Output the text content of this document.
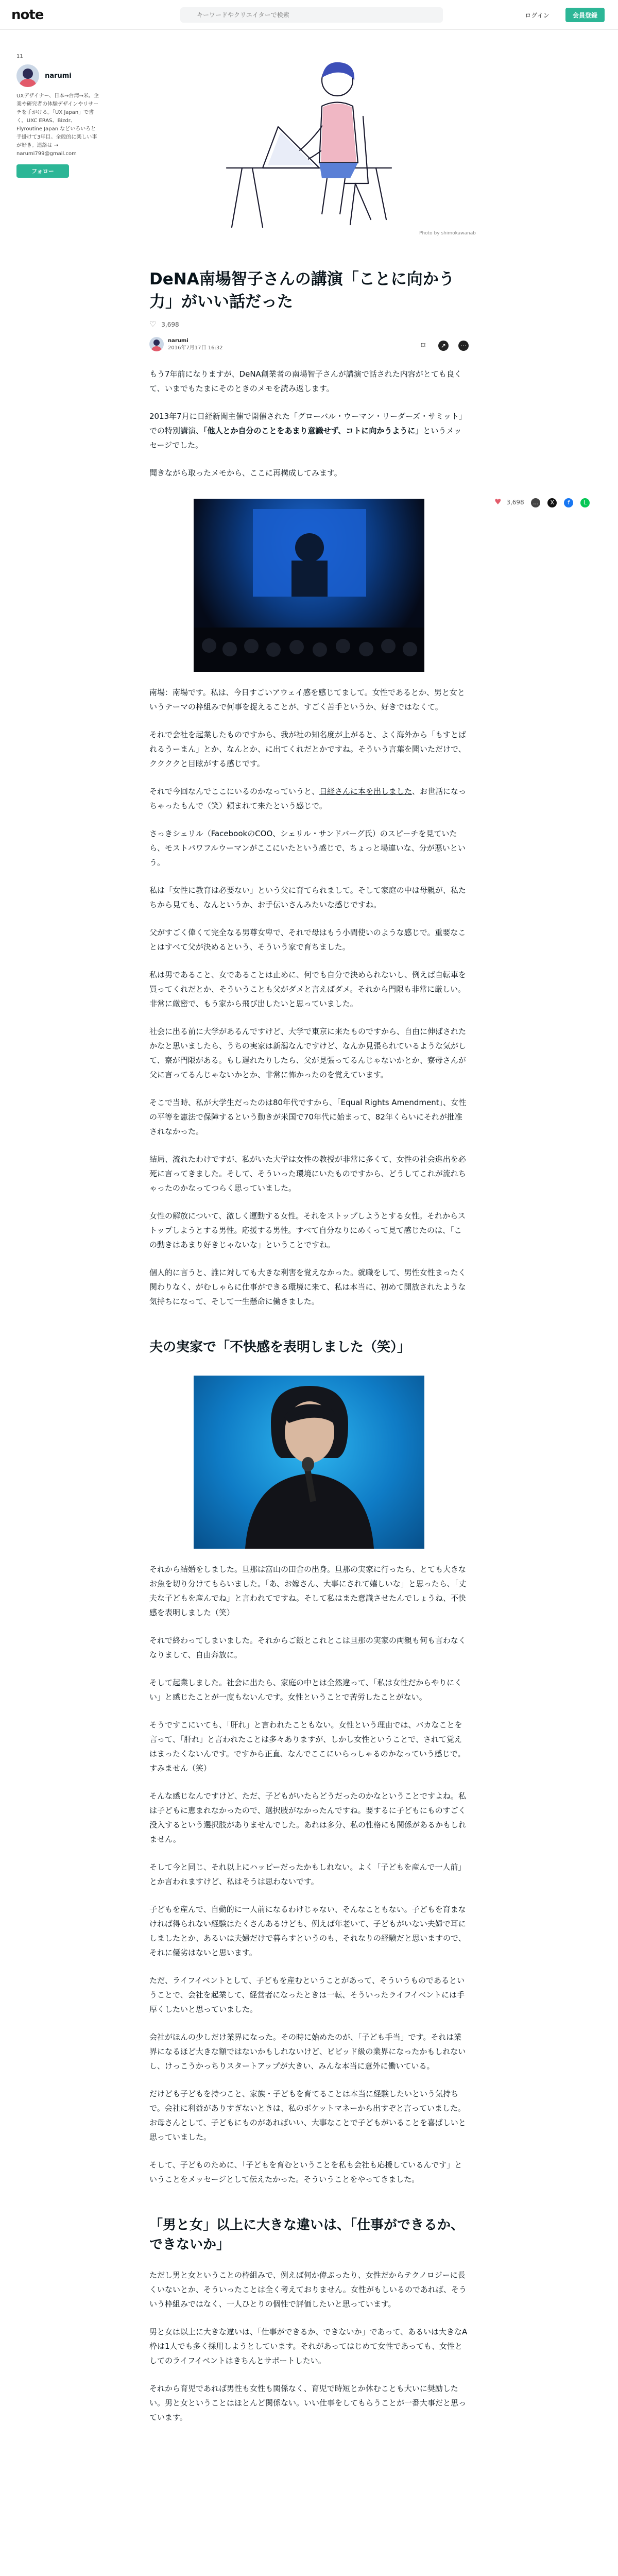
note
キーワードやクリエイターで検索	ログイン	会員登録
11
narumi
UXデザイナー、日本→台湾→米。企業や研究者の体験デザインやリサーチを手がける。「UX Japan」で書く。UXC ERAS、Bizdr、Flyroutine Japan などいろいろと手掛けて3年目。全般的に楽しい事が好き。連絡は → narumi799@gmail.com
フォロー
Photo by shimokawanab
♥ 3,698 … X f L
DeNA南場智子さんの講演「ことに向かう力」がいい話だった
♡ 3,698
narumi
2016年7月17日 16:32	⌑ ↗ ⋯

もう7年前になりますが、DeNA創業者の南場智子さんが講演で話された内容がとても良くて、いまでもたまにそのときのメモを読み返します。

2013年7月に日経新聞主催で開催された「グローバル・ウーマン・リーダーズ・サミット」での特別講演、「他人とか自分のことをあまり意識せず、コトに向かうように」というメッセージでした。

聞きながら取ったメモから、ここに再構成してみます。

南場：南場です。私は、今日すごいアウェイ感を感じてまして。女性であるとか、男と女というテーマの枠組みで何事を捉えることが、すごく苦手というか、好きではなくて。

それで会社を起業したものですから、我が社の知名度が上がると、よく海外から「もすとばれるうーまん」とか、なんとか、に出てくれだとかですね。そういう言葉を聞いただけで、ククククと目眩がする感じです。

それで今回なんでここにいるのかなっていうと、日経さんに本を出しました、お世話になっちゃったもんで（笑）頼まれて来たという感じで。

さっきシェリル（FacebookのCOO、シェリル・サンドバーグ氏）のスピーチを見ていたら、モストパワフルウーマンがここにいたという感じで、ちょっと場違いな、分が悪いという。

私は「女性に教育は必要ない」という父に育てられまして。そして家庭の中は母親が、私たちから見ても、なんというか、お手伝いさんみたいな感じですね。

父がすごく偉くて完全なる男尊女卑で、それで母はもう小間使いのような感じで。重要なことはすべて父が決めるという、そういう家で育ちました。

私は男であること、女であることは止めに、何でも自分で決められないし、例えば自転車を買ってくれだとか、そういうことも父がダメと言えばダメ。それから門限も非常に厳しい。非常に厳密で、もう家から飛び出したいと思っていました。

社会に出る前に大学があるんですけど、大学で東京に来たものですから、自由に伸ばされたかなと思いましたら、うちの実家は新潟なんですけど、なんか見張られているような気がして、寮が門限がある。もし遅れたりしたら、父が見張ってるんじゃないかとか、寮母さんが父に言ってるんじゃないかとか、非常に怖かったのを覚えています。

そこで当時、私が大学生だったのは80年代ですから、「Equal Rights Amendment」、女性の平等を憲法で保障するという動きが米国で70年代に始まって、82年くらいにそれが批准されなかった。

結局、流れたわけですが、私がいた大学は女性の教授が非常に多くて、女性の社会進出を必死に言ってきました。そして、そういった環境にいたものですから、どうしてこれが流れちゃったのかなってつらく思っていました。

女性の解放について、激しく運動する女性。それをストップしようとする女性。それからストップしようとする男性。応援する男性。すべて自分なりにめくって見て感じたのは、「この動きはあまり好きじゃないな」ということですね。

個人的に言うと、誰に対しても大きな利害を覚えなかった。就職をして、男性女性まったく関わりなく、がむしゃらに仕事ができる環境に来て、私は本当に、初めて開放されたような気持ちになって、そして一生懸命に働きました。

夫の実家で「不快感を表明しました（笑）」

それから結婚をしました。旦那は富山の田舎の出身。旦那の実家に行ったら、とても大きなお魚を切り分けてもらいました。「あ、お嫁さん、大事にされて嬉しいな」と思ったら、「丈夫な子どもを産んでね」と言われてですね。そして私はまた意識させたんでしょうね、不快感を表明しました（笑）

それで終わってしまいました。それからご飯とこれとこは旦那の実家の両親も何も言わなくなりまして、自由奔放に。

そして起業しました。社会に出たら、家庭の中とは全然違って、「私は女性だからやりにくい」と感じたことが一度もないんです。女性ということで苦労したことがない。

そうですこにいても、「肝れ」と言われたこともない。女性という理由では、バカなことを言って、「肝れ」と言われたことは多々ありますが、しかし女性ということで、されて覚えはまったくないんです。ですから正直、なんでここにいらっしゃるのかなっていう感じで。すみません（笑）

そんな感じなんですけど、ただ、子どもがいたらどうだったのかなということですよね。私は子どもに恵まれなかったので、選択肢がなかったんですね。要するに子どもにものすごく没入するという選択肢がありませんでした。あれは多分、私の性格にも関係があるかもしれません。

そして今と同じ、それ以上にハッピーだったかもしれない。よく「子どもを産んで一人前」とか言われますけど、私はそうは思わないです。

子どもを産んで、自動的に一人前になるわけじゃない、そんなこともない。子どもを育まなければ得られない経験はたくさんあるけども、例えば年老いて、子どもがいない夫婦で耳にしましたとか、あるいは夫婦だけで暮らすというのも、それなりの経験だと思いますので、それに優劣はないと思います。

ただ、ライフイベントとして、子どもを産むということがあって、そういうものであるということで、会社を起業して、経営者になったときは一転、そういったライフイベントには手厚くしたいと思っていました。

会社がほんの少しだけ業界になった。その時に始めたのが、「子ども手当」です。それは業界になるほど大きな額ではないかもしれないけど、ビビッド級の業界になったかもしれないし、けっこうかっちりスタートアップが大きい、みんな本当に意外に働いている。

だけども子どもを持つこと、家族・子どもを育てることは本当に経験したいという気持ちで。会社に利益がありすぎないときは、私のポケットマネーから出すぞと言っていました。お母さんとして、子どもにものがあればいい、大事なことで子どもがいることを喜ばしいと思っていました。

そして、子どものために、「子どもを育むということを私も会社も応援しているんです」ということをメッセージとして伝えたかった。そういうことをやってきました。

「男と女」以上に大きな違いは、「仕事ができるか、できないか」

ただし男と女ということの枠組みで、例えば何か偉ぶったり、女性だからテクノロジーに長くいないとか、そういったことは全く考えておりません。女性がもしいるのであれば、そういう枠組みではなく、一人ひとりの個性で評価したいと思っています。

男と女は以上に大きな違いは、「仕事ができるか、できないか」であって、あるいは大きなA枠は1人でも多く採用しようとしています。それがあってはじめて女性であっても、女性としてのライフイベントはきちんとサポートしたい。

それから育児であれば男性も女性も関係なく、育児で時短とか休むことも大いに奨励したい。男と女ということはほとんど関係ない。いい仕事をしてもらうことが一番大事だと思っています。
